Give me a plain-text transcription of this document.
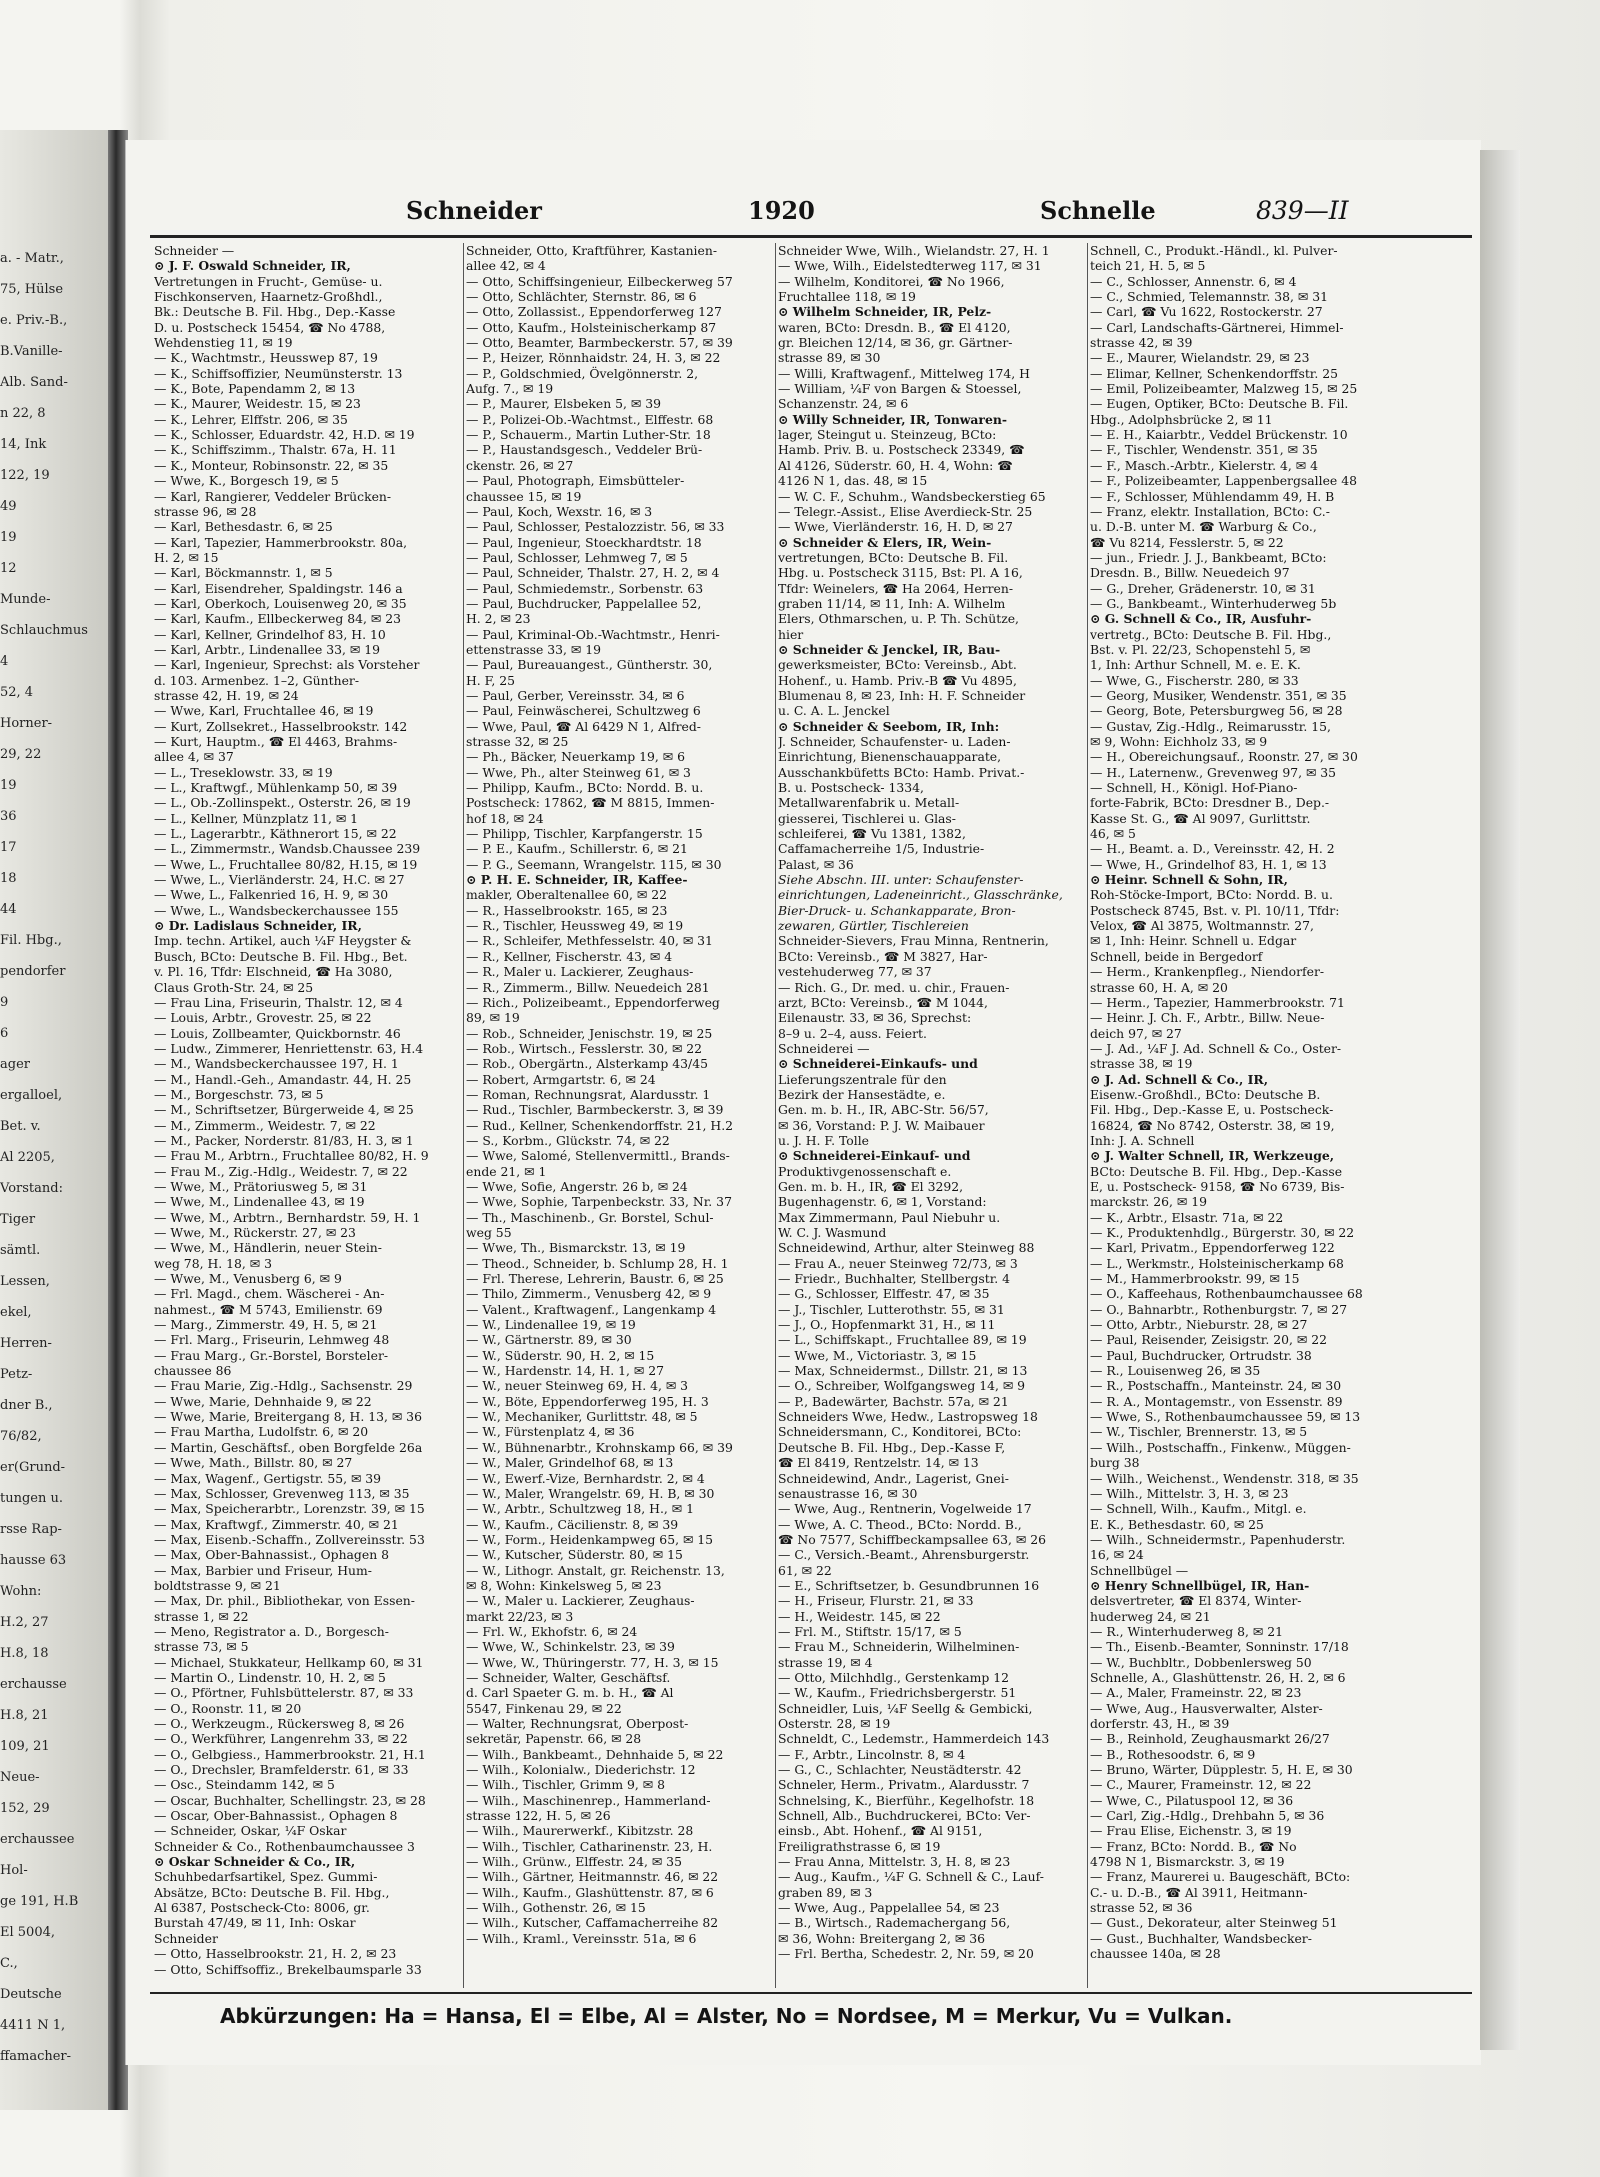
a. - Matr.,
75, Hülse
e. Priv.-B.,
B.Vanille-
Alb. Sand-
n 22, 8
14, Ink
122, 19
49
19
12
Munde-
Schlauchmus
4
52, 4
Horner-
29, 22
19
36
17
18
44
Fil. Hbg.,
pendorfer
9
6
ager
ergalloel,
Bet. v.
Al 2205,
Vorstand:
Tiger
sämtl.
Lessen,
ekel,
Herren-
Petz-
dner B.,
76/82,
er(Grund-
tungen u.
rsse Rap-
hausse 63
Wohn:
H.2, 27
H.8, 18
erchausse
H.8, 21
109, 21
Neue-
152, 29
erchaussee
Hol-
ge 191, H.B
El 5004,
C.,
Deutsche
4411 N 1,
ffamacher-
Schneider	1920	Schnelle	839—II
Schneider —
⊙ J. F. Oswald Schneider, IR,
Vertretungen in Frucht-, Gemüse- u.
Fischkonserven, Haarnetz-Großhdl.,
Bk.: Deutsche B. Fil. Hbg., Dep.-Kasse
D. u. Postscheck 15454, ☎ No 4788,
Wehdenstieg 11, ✉ 19
— K., Wachtmstr., Heusswep 87, 19
— K., Schiffsoffizier, Neumünsterstr. 13
— K., Bote, Papendamm 2, ✉ 13
— K., Maurer, Weidestr. 15, ✉ 23
— K., Lehrer, Elffstr. 206, ✉ 35
— K., Schlosser, Eduardstr. 42, H.D. ✉ 19
— K., Schiffszimm., Thalstr. 67a, H. 11
— K., Monteur, Robinsonstr. 22, ✉ 35
— Wwe, K., Borgesch 19, ✉ 5
— Karl, Rangierer, Veddeler Brücken-
strasse 96, ✉ 28
— Karl, Bethesdastr. 6, ✉ 25
— Karl, Tapezier, Hammerbrookstr. 80a,
H. 2, ✉ 15
— Karl, Böckmannstr. 1, ✉ 5
— Karl, Eisendreher, Spaldingstr. 146 a
— Karl, Oberkoch, Louisenweg 20, ✉ 35
— Karl, Kaufm., Ellbeckerweg 84, ✉ 23
— Karl, Kellner, Grindelhof 83, H. 10
— Karl, Arbtr., Lindenallee 33, ✉ 19
— Karl, Ingenieur, Sprechst: als Vorsteher
d. 103. Armenbez. 1–2, Günther-
strasse 42, H. 19, ✉ 24
— Wwe, Karl, Fruchtallee 46, ✉ 19
— Kurt, Zollsekret., Hasselbrookstr. 142
— Kurt, Hauptm., ☎ El 4463, Brahms-
allee 4, ✉ 37
— L., Treseklowstr. 33, ✉ 19
— L., Kraftwgf., Mühlenkamp 50, ✉ 39
— L., Ob.-Zollinspekt., Osterstr. 26, ✉ 19
— L., Kellner, Münzplatz 11, ✉ 1
— L., Lagerarbtr., Käthnerort 15, ✉ 22
— L., Zimmermstr., Wandsb.Chaussee 239
— Wwe, L., Fruchtallee 80/82, H.15, ✉ 19
— Wwe, L., Vierländerstr. 24, H.C. ✉ 27
— Wwe, L., Falkenried 16, H. 9, ✉ 30
— Wwe, L., Wandsbeckerchaussee 155
⊙ Dr. Ladislaus Schneider, IR,
Imp. techn. Artikel, auch ¼F Heygster &
Busch, BCto: Deutsche B. Fil. Hbg., Bet.
v. Pl. 16, Tfdr: Elschneid, ☎ Ha 3080,
Claus Groth-Str. 24, ✉ 25
— Frau Lina, Friseurin, Thalstr. 12, ✉ 4
— Louis, Arbtr., Grovestr. 25, ✉ 22
— Louis, Zollbeamter, Quickbornstr. 46
— Ludw., Zimmerer, Henriettenstr. 63, H.4
— M., Wandsbeckerchaussee 197, H. 1
— M., Handl.-Geh., Amandastr. 44, H. 25
— M., Borgeschstr. 73, ✉ 5
— M., Schriftsetzer, Bürgerweide 4, ✉ 25
— M., Zimmerm., Weidestr. 7, ✉ 22
— M., Packer, Norderstr. 81/83, H. 3, ✉ 1
— Frau M., Arbtrn., Fruchtallee 80/82, H. 9
— Frau M., Zig.-Hdlg., Weidestr. 7, ✉ 22
— Wwe, M., Prätoriusweg 5, ✉ 31
— Wwe, M., Lindenallee 43, ✉ 19
— Wwe, M., Arbtrn., Bernhardstr. 59, H. 1
— Wwe, M., Rückerstr. 27, ✉ 23
— Wwe, M., Händlerin, neuer Stein-
weg 78, H. 18, ✉ 3
— Wwe, M., Venusberg 6, ✉ 9
— Frl. Magd., chem. Wäscherei - An-
nahmest., ☎ M 5743, Emilienstr. 69
— Marg., Zimmerstr. 49, H. 5, ✉ 21
— Frl. Marg., Friseurin, Lehmweg 48
— Frau Marg., Gr.-Borstel, Borsteler-
chaussee 86
— Frau Marie, Zig.-Hdlg., Sachsenstr. 29
— Wwe, Marie, Dehnhaide 9, ✉ 22
— Wwe, Marie, Breitergang 8, H. 13, ✉ 36
— Frau Martha, Ludolfstr. 6, ✉ 20
— Martin, Geschäftsf., oben Borgfelde 26a
— Wwe, Math., Billstr. 80, ✉ 27
— Max, Wagenf., Gertigstr. 55, ✉ 39
— Max, Schlosser, Grevenweg 113, ✉ 35
— Max, Speicherarbtr., Lorenzstr. 39, ✉ 15
— Max, Kraftwgf., Zimmerstr. 40, ✉ 21
— Max, Eisenb.-Schaffn., Zollvereinsstr. 53
— Max, Ober-Bahnassist., Ophagen 8
— Max, Barbier und Friseur, Hum-
boldtstrasse 9, ✉ 21
— Max, Dr. phil., Bibliothekar, von Essen-
strasse 1, ✉ 22
— Meno, Registrator a. D., Borgesch-
strasse 73, ✉ 5
— Michael, Stukkateur, Hellkamp 60, ✉ 31
— Martin O., Lindenstr. 10, H. 2, ✉ 5
— O., Pförtner, Fuhlsbüttelerstr. 87, ✉ 33
— O., Roonstr. 11, ✉ 20
— O., Werkzeugm., Rückersweg 8, ✉ 26
— O., Werkführer, Langenrehm 33, ✉ 22
— O., Gelbgiess., Hammerbrookstr. 21, H.1
— O., Drechsler, Bramfelderstr. 61, ✉ 33
— Osc., Steindamm 142, ✉ 5
— Oscar, Buchhalter, Schellingstr. 23, ✉ 28
— Oscar, Ober-Bahnassist., Ophagen 8
— Schneider, Oskar, ¼F Oskar
Schneider & Co., Rothenbaumchaussee 3
⊙ Oskar Schneider & Co., IR,
Schuhbedarfsartikel, Spez. Gummi-
Absätze, BCto: Deutsche B. Fil. Hbg.,
Al 6387, Postscheck-Cto: 8006, gr.
Burstah 47/49, ✉ 11, Inh: Oskar
Schneider
— Otto, Hasselbrookstr. 21, H. 2, ✉ 23
— Otto, Schiffsoffiz., Brekelbaumsparle 33
Schneider, Otto, Kraftführer, Kastanien-
allee 42, ✉ 4
— Otto, Schiffsingenieur, Eilbeckerweg 57
— Otto, Schlächter, Sternstr. 86, ✉ 6
— Otto, Zollassist., Eppendorferweg 127
— Otto, Kaufm., Holsteinischerkamp 87
— Otto, Beamter, Barmbeckerstr. 57, ✉ 39
— P., Heizer, Rönnhaidstr. 24, H. 3, ✉ 22
— P., Goldschmied, Övelgönnerstr. 2,
Aufg. 7., ✉ 19
— P., Maurer, Elsbeken 5, ✉ 39
— P., Polizei-Ob.-Wachtmst., Elffestr. 68
— P., Schauerm., Martin Luther-Str. 18
— P., Haustandsgesch., Veddeler Brü-
ckenstr. 26, ✉ 27
— Paul, Photograph, Eimsbütteler-
chaussee 15, ✉ 19
— Paul, Koch, Wexstr. 16, ✉ 3
— Paul, Schlosser, Pestalozzistr. 56, ✉ 33
— Paul, Ingenieur, Stoeckhardtstr. 18
— Paul, Schlosser, Lehmweg 7, ✉ 5
— Paul, Schneider, Thalstr. 27, H. 2, ✉ 4
— Paul, Schmiedemstr., Sorbenstr. 63
— Paul, Buchdrucker, Pappelallee 52,
H. 2, ✉ 23
— Paul, Kriminal-Ob.-Wachtmstr., Henri-
ettenstrasse 33, ✉ 19
— Paul, Bureauangest., Güntherstr. 30,
H. F, 25
— Paul, Gerber, Vereinsstr. 34, ✉ 6
— Paul, Feinwäscherei, Schultzweg 6
— Wwe, Paul, ☎ Al 6429 N 1, Alfred-
strasse 32, ✉ 25
— Ph., Bäcker, Neuerkamp 19, ✉ 6
— Wwe, Ph., alter Steinweg 61, ✉ 3
— Philipp, Kaufm., BCto: Nordd. B. u.
Postscheck: 17862, ☎ M 8815, Immen-
hof 18, ✉ 24
— Philipp, Tischler, Karpfangerstr. 15
— P. E., Kaufm., Schillerstr. 6, ✉ 21
— P. G., Seemann, Wrangelstr. 115, ✉ 30
⊙ P. H. E. Schneider, IR, Kaffee-
makler, Oberaltenallee 60, ✉ 22
— R., Hasselbrookstr. 165, ✉ 23
— R., Tischler, Heussweg 49, ✉ 19
— R., Schleifer, Methfesselstr. 40, ✉ 31
— R., Kellner, Fischerstr. 43, ✉ 4
— R., Maler u. Lackierer, Zeughaus-
— R., Zimmerm., Billw. Neuedeich 281
— Rich., Polizeibeamt., Eppendorferweg
89, ✉ 19
— Rob., Schneider, Jenischstr. 19, ✉ 25
— Rob., Wirtsch., Fesslerstr. 30, ✉ 22
— Rob., Obergärtn., Alsterkamp 43/45
— Robert, Armgartstr. 6, ✉ 24
— Roman, Rechnungsrat, Alardusstr. 1
— Rud., Tischler, Barmbeckerstr. 3, ✉ 39
— Rud., Kellner, Schenkendorffstr. 21, H.2
— S., Korbm., Glückstr. 74, ✉ 22
— Wwe, Salomé, Stellenvermittl., Brands-
ende 21, ✉ 1
— Wwe, Sofie, Angerstr. 26 b, ✉ 24
— Wwe, Sophie, Tarpenbeckstr. 33, Nr. 37
— Th., Maschinenb., Gr. Borstel, Schul-
weg 55
— Wwe, Th., Bismarckstr. 13, ✉ 19
— Theod., Schneider, b. Schlump 28, H. 1
— Frl. Therese, Lehrerin, Baustr. 6, ✉ 25
— Thilo, Zimmerm., Venusberg 42, ✉ 9
— Valent., Kraftwagenf., Langenkamp 4
— W., Lindenallee 19, ✉ 19
— W., Gärtnerstr. 89, ✉ 30
— W., Süderstr. 90, H. 2, ✉ 15
— W., Hardenstr. 14, H. 1, ✉ 27
— W., neuer Steinweg 69, H. 4, ✉ 3
— W., Böte, Eppendorferweg 195, H. 3
— W., Mechaniker, Gurlittstr. 48, ✉ 5
— W., Fürstenplatz 4, ✉ 36
— W., Bühnenarbtr., Krohnskamp 66, ✉ 39
— W., Maler, Grindelhof 68, ✉ 13
— W., Ewerf.-Vize, Bernhardstr. 2, ✉ 4
— W., Maler, Wrangelstr. 69, H. B, ✉ 30
— W., Arbtr., Schultzweg 18, H., ✉ 1
— W., Kaufm., Cäcilienstr. 8, ✉ 39
— W., Form., Heidenkampweg 65, ✉ 15
— W., Kutscher, Süderstr. 80, ✉ 15
— W., Lithogr. Anstalt, gr. Reichenstr. 13,
✉ 8, Wohn: Kinkelsweg 5, ✉ 23
— W., Maler u. Lackierer, Zeughaus-
markt 22/23, ✉ 3
— Frl. W., Ekhofstr. 6, ✉ 24
— Wwe, W., Schinkelstr. 23, ✉ 39
— Wwe, W., Thüringerstr. 77, H. 3, ✉ 15
— Schneider, Walter, Geschäftsf.
d. Carl Spaeter G. m. b. H., ☎ Al
5547, Finkenau 29, ✉ 22
— Walter, Rechnungsrat, Oberpost-
sekretär, Papenstr. 66, ✉ 28
— Wilh., Bankbeamt., Dehnhaide 5, ✉ 22
— Wilh., Kolonialw., Diederichstr. 12
— Wilh., Tischler, Grimm 9, ✉ 8
— Wilh., Maschinenrep., Hammerland-
strasse 122, H. 5, ✉ 26
— Wilh., Maurerwerkf., Kibitzstr. 28
— Wilh., Tischler, Catharinenstr. 23, H.
— Wilh., Grünw., Elffestr. 24, ✉ 35
— Wilh., Gärtner, Heitmannstr. 46, ✉ 22
— Wilh., Kaufm., Glashüttenstr. 87, ✉ 6
— Wilh., Gothenstr. 26, ✉ 15
— Wilh., Kutscher, Caffamacherreihe 82
— Wilh., Kraml., Vereinsstr. 51a, ✉ 6
Schneider Wwe, Wilh., Wielandstr. 27, H. 1
— Wwe, Wilh., Eidelstedterweg 117, ✉ 31
— Wilhelm, Konditorei, ☎ No 1966,
Fruchtallee 118, ✉ 19
⊙ Wilhelm Schneider, IR, Pelz-
waren, BCto: Dresdn. B., ☎ El 4120,
gr. Bleichen 12/14, ✉ 36, gr. Gärtner-
strasse 89, ✉ 30
— Willi, Kraftwagenf., Mittelweg 174, H
— William, ¼F von Bargen & Stoessel,
Schanzenstr. 24, ✉ 6
⊙ Willy Schneider, IR, Tonwaren-
lager, Steingut u. Steinzeug, BCto:
Hamb. Priv. B. u. Postscheck 23349, ☎
Al 4126, Süderstr. 60, H. 4, Wohn: ☎
4126 N 1, das. 48, ✉ 15
— W. C. F., Schuhm., Wandsbeckerstieg 65
— Telegr.-Assist., Elise Averdieck-Str. 25
— Wwe, Vierländerstr. 16, H. D, ✉ 27
⊙ Schneider & Elers, IR, Wein-
vertretungen, BCto: Deutsche B. Fil.
Hbg. u. Postscheck 3115, Bst: Pl. A 16,
Tfdr: Weinelers, ☎ Ha 2064, Herren-
graben 11/14, ✉ 11, Inh: A. Wilhelm
Elers, Othmarschen, u. P. Th. Schütze,
hier
⊙ Schneider & Jenckel, IR, Bau-
gewerksmeister, BCto: Vereinsb., Abt.
Hohenf., u. Hamb. Priv.-B ☎ Vu 4895,
Blumenau 8, ✉ 23, Inh: H. F. Schneider
u. C. A. L. Jenckel
⊙ Schneider & Seebom, IR, Inh:
J. Schneider, Schaufenster- u. Laden-
Einrichtung, Bienenschauapparate,
Ausschankbüfetts BCto: Hamb. Privat.-
B. u. Postscheck- 1334,
Metallwarenfabrik u. Metall-
giesserei, Tischlerei u. Glas-
schleiferei, ☎ Vu 1381, 1382,
Caffamacherreihe 1/5, Industrie-
Palast, ✉ 36
Siehe Abschn. III. unter: Schaufenster-
einrichtungen, Ladeneinricht., Glasschränke,
Bier-Druck- u. Schankapparate, Bron-
zewaren, Gürtler, Tischlereien
Schneider-Sievers, Frau Minna, Rentnerin,
BCto: Vereinsb., ☎ M 3827, Har-
vestehuderweg 77, ✉ 37
— Rich. G., Dr. med. u. chir., Frauen-
arzt, BCto: Vereinsb., ☎ M 1044,
Eilenaustr. 33, ✉ 36, Sprechst:
8–9 u. 2–4, auss. Feiert.
Schneiderei —
⊙ Schneiderei-Einkaufs- und
Lieferungszentrale für den
Bezirk der Hansestädte, e.
Gen. m. b. H., IR, ABC-Str. 56/57,
✉ 36, Vorstand: P. J. W. Maibauer
u. J. H. F. Tolle
⊙ Schneiderei-Einkauf- und
Produktivgenossenschaft e.
Gen. m. b. H., IR, ☎ El 3292,
Bugenhagenstr. 6, ✉ 1, Vorstand:
Max Zimmermann, Paul Niebuhr u.
W. C. J. Wasmund
Schneidewind, Arthur, alter Steinweg 88
— Frau A., neuer Steinweg 72/73, ✉ 3
— Friedr., Buchhalter, Stellbergstr. 4
— G., Schlosser, Elffestr. 47, ✉ 35
— J., Tischler, Lutterothstr. 55, ✉ 31
— J., O., Hopfenmarkt 31, H., ✉ 11
— L., Schiffskapt., Fruchtallee 89, ✉ 19
— Wwe, M., Victoriastr. 3, ✉ 15
— Max, Schneidermst., Dillstr. 21, ✉ 13
— O., Schreiber, Wolfgangsweg 14, ✉ 9
— P., Badewärter, Bachstr. 57a, ✉ 21
Schneiders Wwe, Hedw., Lastropsweg 18
Schneidersmann, C., Konditorei, BCto:
Deutsche B. Fil. Hbg., Dep.-Kasse F,
☎ El 8419, Rentzelstr. 14, ✉ 13
Schneidewind, Andr., Lagerist, Gnei-
senaustrasse 16, ✉ 30
— Wwe, Aug., Rentnerin, Vogelweide 17
— Wwe, A. C. Theod., BCto: Nordd. B.,
☎ No 7577, Schiffbeckampsallee 63, ✉ 26
— C., Versich.-Beamt., Ahrensburgerstr.
61, ✉ 22
— E., Schriftsetzer, b. Gesundbrunnen 16
— H., Friseur, Flurstr. 21, ✉ 33
— H., Weidestr. 145, ✉ 22
— Frl. M., Stiftstr. 15/17, ✉ 5
— Frau M., Schneiderin, Wilhelminen-
strasse 19, ✉ 4
— Otto, Milchhdlg., Gerstenkamp 12
— W., Kaufm., Friedrichsbergerstr. 51
Schneidler, Luis, ¼F Seellg & Gembicki,
Osterstr. 28, ✉ 19
Schneldt, C., Ledemstr., Hammerdeich 143
— F., Arbtr., Lincolnstr. 8, ✉ 4
— G., C., Schlachter, Neustädterstr. 42
Schneler, Herm., Privatm., Alardusstr. 7
Schnelsing, K., Bierführ., Kegelhofstr. 18
Schnell, Alb., Buchdruckerei, BCto: Ver-
einsb., Abt. Hohenf., ☎ Al 9151,
Freiligrathstrasse 6, ✉ 19
— Frau Anna, Mittelstr. 3, H. 8, ✉ 23
— Aug., Kaufm., ¼F G. Schnell & C., Lauf-
graben 89, ✉ 3
— Wwe, Aug., Pappelallee 54, ✉ 23
— B., Wirtsch., Rademachergang 56,
✉ 36, Wohn: Breitergang 2, ✉ 36
— Frl. Bertha, Schedestr. 2, Nr. 59, ✉ 20
Schnell, C., Produkt.-Händl., kl. Pulver-
teich 21, H. 5, ✉ 5
— C., Schlosser, Annenstr. 6, ✉ 4
— C., Schmied, Telemannstr. 38, ✉ 31
— Carl, ☎ Vu 1622, Rostockerstr. 27
— Carl, Landschafts-Gärtnerei, Himmel-
strasse 42, ✉ 39
— E., Maurer, Wielandstr. 29, ✉ 23
— Elimar, Kellner, Schenkendorffstr. 25
— Emil, Polizeibeamter, Malzweg 15, ✉ 25
— Eugen, Optiker, BCto: Deutsche B. Fil.
Hbg., Adolphsbrücke 2, ✉ 11
— E. H., Kaiarbtr., Veddel Brückenstr. 10
— F., Tischler, Wendenstr. 351, ✉ 35
— F., Masch.-Arbtr., Kielerstr. 4, ✉ 4
— F., Polizeibeamter, Lappenbergsallee 48
— F., Schlosser, Mühlendamm 49, H. B
— Franz, elektr. Installation, BCto: C.-
u. D.-B. unter M. ☎ Warburg & Co.,
☎ Vu 8214, Fesslerstr. 5, ✉ 22
— jun., Friedr. J. J., Bankbeamt, BCto:
Dresdn. B., Billw. Neuedeich 97
— G., Dreher, Grädenerstr. 10, ✉ 31
— G., Bankbeamt., Winterhuderweg 5b
⊙ G. Schnell & Co., IR, Ausfuhr-
vertretg., BCto: Deutsche B. Fil. Hbg.,
Bst. v. Pl. 22/23, Schopenstehl 5, ✉
1, Inh: Arthur Schnell, M. e. E. K.
— Wwe, G., Fischerstr. 280, ✉ 33
— Georg, Musiker, Wendenstr. 351, ✉ 35
— Georg, Bote, Petersburgweg 56, ✉ 28
— Gustav, Zig.-Hdlg., Reimarusstr. 15,
✉ 9, Wohn: Eichholz 33, ✉ 9
— H., Obereichungsauf., Roonstr. 27, ✉ 30
— H., Laternenw., Grevenweg 97, ✉ 35
— Schnell, H., Königl. Hof-Piano-
forte-Fabrik, BCto: Dresdner B., Dep.-
Kasse St. G., ☎ Al 9097, Gurlittstr.
46, ✉ 5
— H., Beamt. a. D., Vereinsstr. 42, H. 2
— Wwe, H., Grindelhof 83, H. 1, ✉ 13
⊙ Heinr. Schnell & Sohn, IR,
Roh-Stöcke-Import, BCto: Nordd. B. u.
Postscheck 8745, Bst. v. Pl. 10/11, Tfdr:
Velox, ☎ Al 3875, Woltmannstr. 27,
✉ 1, Inh: Heinr. Schnell u. Edgar
Schnell, beide in Bergedorf
— Herm., Krankenpfleg., Niendorfer-
strasse 60, H. A, ✉ 20
— Herm., Tapezier, Hammerbrookstr. 71
— Heinr. J. Ch. F., Arbtr., Billw. Neue-
deich 97, ✉ 27
— J. Ad., ¼F J. Ad. Schnell & Co., Oster-
strasse 38, ✉ 19
⊙ J. Ad. Schnell & Co., IR,
Eisenw.-Großhdl., BCto: Deutsche B.
Fil. Hbg., Dep.-Kasse E, u. Postscheck-
16824, ☎ No 8742, Osterstr. 38, ✉ 19,
Inh: J. A. Schnell
⊙ J. Walter Schnell, IR, Werkzeuge,
BCto: Deutsche B. Fil. Hbg., Dep.-Kasse
E, u. Postscheck- 9158, ☎ No 6739, Bis-
marckstr. 26, ✉ 19
— K., Arbtr., Elsastr. 71a, ✉ 22
— K., Produktenhdlg., Bürgerstr. 30, ✉ 22
— Karl, Privatm., Eppendorferweg 122
— L., Werkmstr., Holsteinischerkamp 68
— M., Hammerbrookstr. 99, ✉ 15
— O., Kaffeehaus, Rothenbaumchaussee 68
— O., Bahnarbtr., Rothenburgstr. 7, ✉ 27
— Otto, Arbtr., Nieburstr. 28, ✉ 27
— Paul, Reisender, Zeisigstr. 20, ✉ 22
— Paul, Buchdrucker, Ortrudstr. 38
— R., Louisenweg 26, ✉ 35
— R., Postschaffn., Manteinstr. 24, ✉ 30
— R. A., Montagemstr., von Essenstr. 89
— Wwe, S., Rothenbaumchaussee 59, ✉ 13
— W., Tischler, Brennerstr. 13, ✉ 5
— Wilh., Postschaffn., Finkenw., Müggen-
burg 38
— Wilh., Weichenst., Wendenstr. 318, ✉ 35
— Wilh., Mittelstr. 3, H. 3, ✉ 23
— Schnell, Wilh., Kaufm., Mitgl. e.
E. K., Bethesdastr. 60, ✉ 25
— Wilh., Schneidermstr., Papenhuderstr.
16, ✉ 24
Schnellbügel —
⊙ Henry Schnellbügel, IR, Han-
delsvertreter, ☎ El 8374, Winter-
huderweg 24, ✉ 21
— R., Winterhuderweg 8, ✉ 21
— Th., Eisenb.-Beamter, Sonninstr. 17/18
— W., Buchbltr., Dobbenlersweg 50
Schnelle, A., Glashüttenstr. 26, H. 2, ✉ 6
— A., Maler, Frameinstr. 22, ✉ 23
— Wwe, Aug., Hausverwalter, Alster-
dorferstr. 43, H., ✉ 39
— B., Reinhold, Zeughausmarkt 26/27
— B., Rothesoodstr. 6, ✉ 9
— Bruno, Wärter, Düpplestr. 5, H. E, ✉ 30
— C., Maurer, Frameinstr. 12, ✉ 22
— Wwe, C., Pilatuspool 12, ✉ 36
— Carl, Zig.-Hdlg., Drehbahn 5, ✉ 36
— Frau Elise, Eichenstr. 3, ✉ 19
— Franz, BCto: Nordd. B., ☎ No
4798 N 1, Bismarckstr. 3, ✉ 19
— Franz, Maurerei u. Baugeschäft, BCto:
C.- u. D.-B., ☎ Al 3911, Heitmann-
strasse 52, ✉ 36
— Gust., Dekorateur, alter Steinweg 51
— Gust., Buchhalter, Wandsbecker-
chaussee 140a, ✉ 28
Abkürzungen: Ha = Hansa, El = Elbe, Al = Alster, No = Nordsee, M = Merkur, Vu = Vulkan.
